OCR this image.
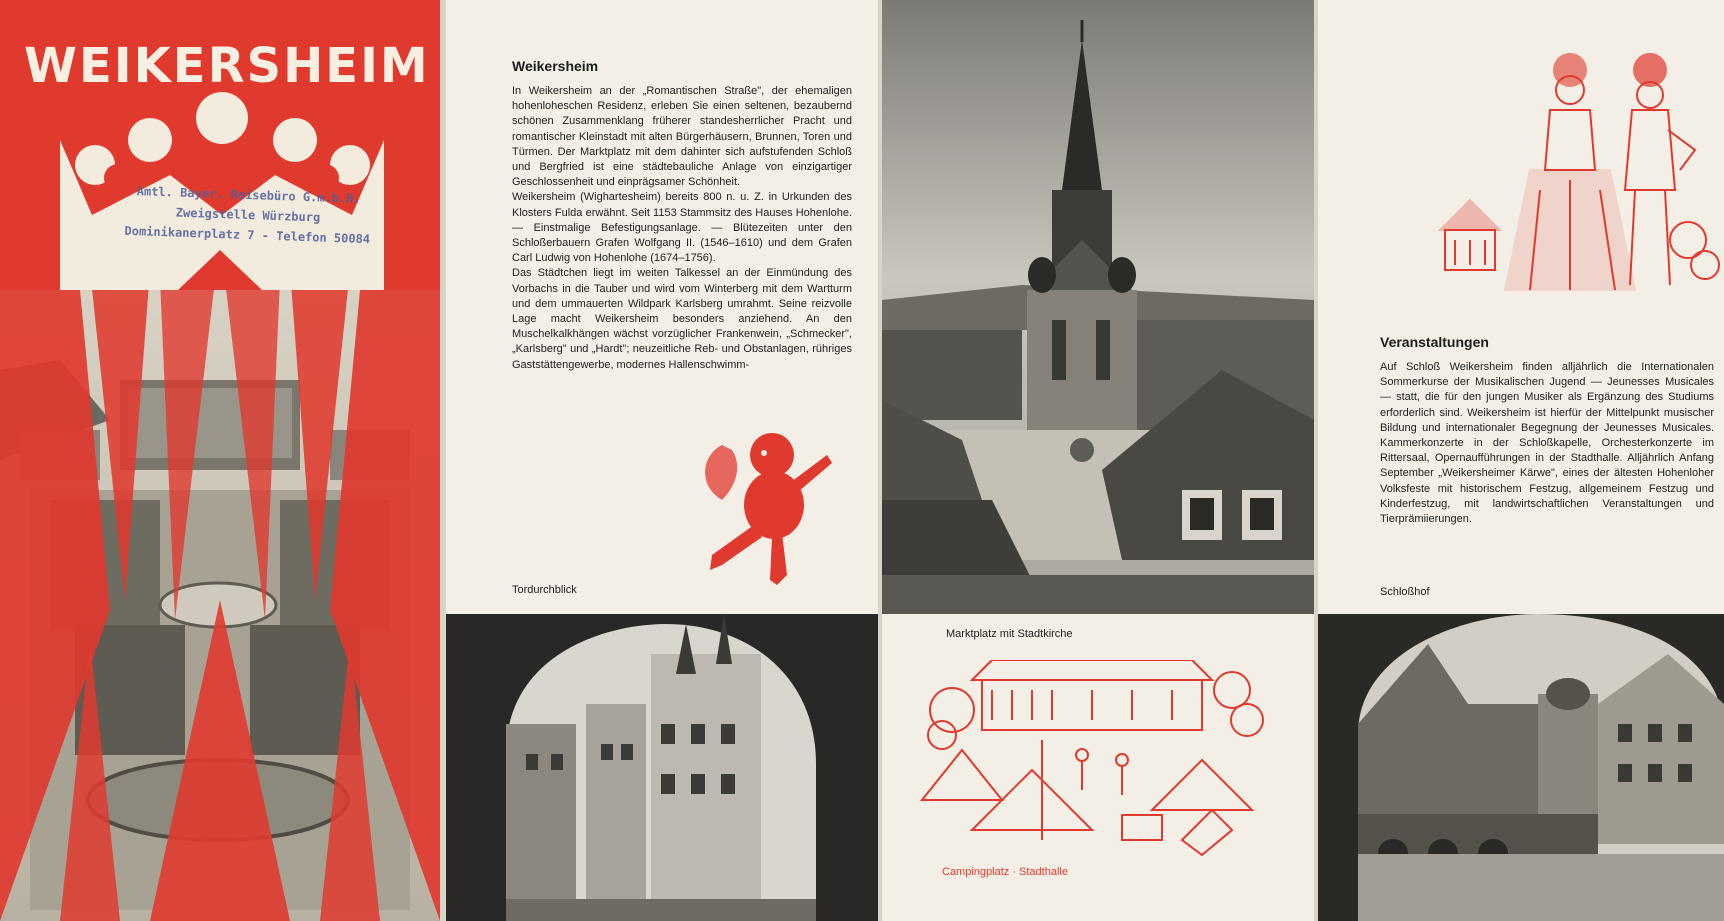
WEIKERSHEIM
Amtl. Bayer. Reisebüro G.m.b.H.
Zweigstelle Würzburg
Dominikanerplatz 7 - Telefon 50084
Weikersheim

In Weikersheim an der „Romantischen Straße", der ehemaligen hohenloheschen Residenz, erleben Sie einen seltenen, bezaubernd schönen Zusammenklang früherer standesherrlicher Pracht und romantischer Kleinstadt mit alten Bürgerhäusern, Brunnen, Toren und Türmen. Der Marktplatz mit dem dahinter sich aufstufenden Schloß und Bergfried ist eine städtebauliche Anlage von einzigartiger Geschlossenheit und einprägsamer Schönheit.

Weikersheim (Wighartesheim) bereits 800 n. u. Z. in Urkunden des Klosters Fulda erwähnt. Seit 1153 Stammsitz des Hauses Hohenlohe. — Einstmalige Befestigungsanlage. — Blütezeiten unter den Schloßerbauern Grafen Wolfgang II. (1546–1610) und dem Grafen Carl Ludwig von Hohenlohe (1674–1756).

Das Städtchen liegt im weiten Talkessel an der Einmündung des Vorbachs in die Tauber und wird vom Winterberg mit dem Wartturm und dem ummauerten Wildpark Karlsberg umrahmt. Seine reizvolle Lage macht Weikersheim besonders anziehend. An den Muschelkalkhängen wächst vorzüglicher Frankenwein, „Schmecker", „Karlsberg" und „Hardt"; neuzeitliche Reb- und Obstanlagen, rühriges Gaststättengewerbe, modernes Hallenschwimm-

Tordurchblick
Marktplatz mit Stadtkirche
Campingplatz · Stadthalle
Veranstaltungen
Auf Schloß Weikersheim finden alljährlich die Internationalen Sommerkurse der Musikalischen Jugend — Jeunesses Musicales — statt, die für den jungen Musiker als Ergänzung des Studiums erforderlich sind. Weikersheim ist hierfür der Mittelpunkt musischer Bildung und internationaler Begegnung der Jeunesses Musicales. Kammerkonzerte in der Schloßkapelle, Orchesterkonzerte im Rittersaal, Opernaufführungen in der Stadthalle. Alljährlich Anfang September „Weikersheimer Kärwe", eines der ältesten Hohenloher Volksfeste mit historischem Festzug, allgemeinem Festzug und Kinderfestzug, mit landwirtschaftlichen Veranstaltungen und Tierprämiierungen.
Schloßhof
